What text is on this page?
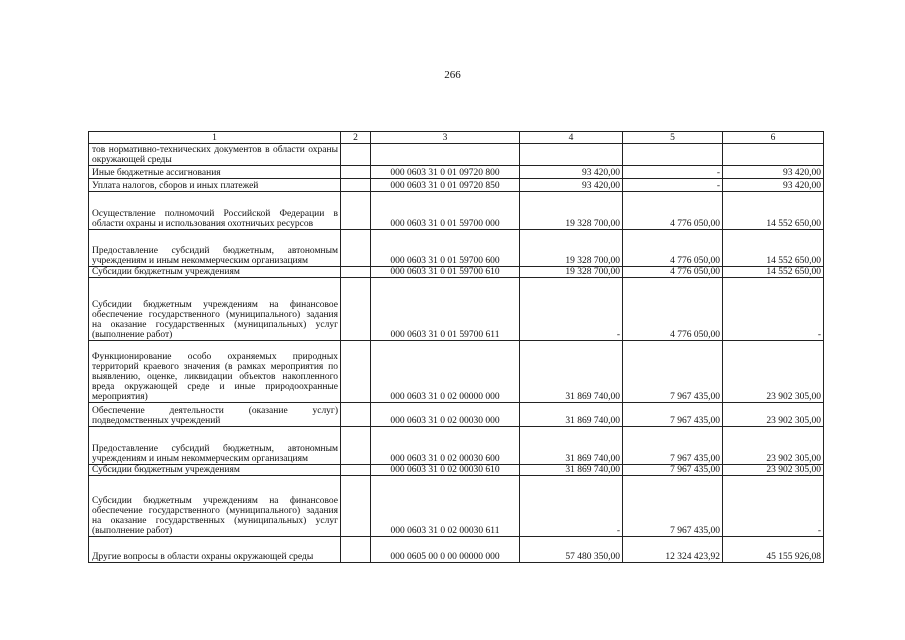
266
1	2	3	4	5	6
тов нормативно-технических документов в области охраны окружающей среды					
Иные бюджетные ассигнования		000 0603 31 0 01 09720 800	93 420,00	-	93 420,00
Уплата налогов, сборов и иных платежей		000 0603 31 0 01 09720 850	93 420,00	-	93 420,00
Осуществление полномочий Российской Федерации в области охраны и использования охотничьих ресурсов		000 0603 31 0 01 59700 000	19 328 700,00	4 776 050,00	14 552 650,00
Предоставление субсидий бюджетным, автономным учреждениям и иным некоммерческим организациям		000 0603 31 0 01 59700 600	19 328 700,00	4 776 050,00	14 552 650,00
Субсидии бюджетным учреждениям		000 0603 31 0 01 59700 610	19 328 700,00	4 776 050,00	14 552 650,00
Субсидии бюджетным учреждениям на финансовое обеспечение государственного (муниципального) задания на оказание государственных (муниципальных) услуг (выполнение работ)		000 0603 31 0 01 59700 611	-	4 776 050,00	-
Функционирование особо охраняемых природных территорий краевого значения (в рамках мероприятия по выявлению, оценке, ликвидации объектов накопленного вреда окружающей среде и иные природоохранные мероприятия)		000 0603 31 0 02 00000 000	31 869 740,00	7 967 435,00	23 902 305,00
Обеспечение деятельности (оказание услуг) подведомственных учреждений		000 0603 31 0 02 00030 000	31 869 740,00	7 967 435,00	23 902 305,00
Предоставление субсидий бюджетным, автономным учреждениям и иным некоммерческим организациям		000 0603 31 0 02 00030 600	31 869 740,00	7 967 435,00	23 902 305,00
Субсидии бюджетным учреждениям		000 0603 31 0 02 00030 610	31 869 740,00	7 967 435,00	23 902 305,00
Субсидии бюджетным учреждениям на финансовое обеспечение государственного (муниципального) задания на оказание государственных (муниципальных) услуг (выполнение работ)		000 0603 31 0 02 00030 611	-	7 967 435,00	-
Другие вопросы в области охраны окружающей среды		000 0605 00 0 00 00000 000	57 480 350,00	12 324 423,92	45 155 926,08
